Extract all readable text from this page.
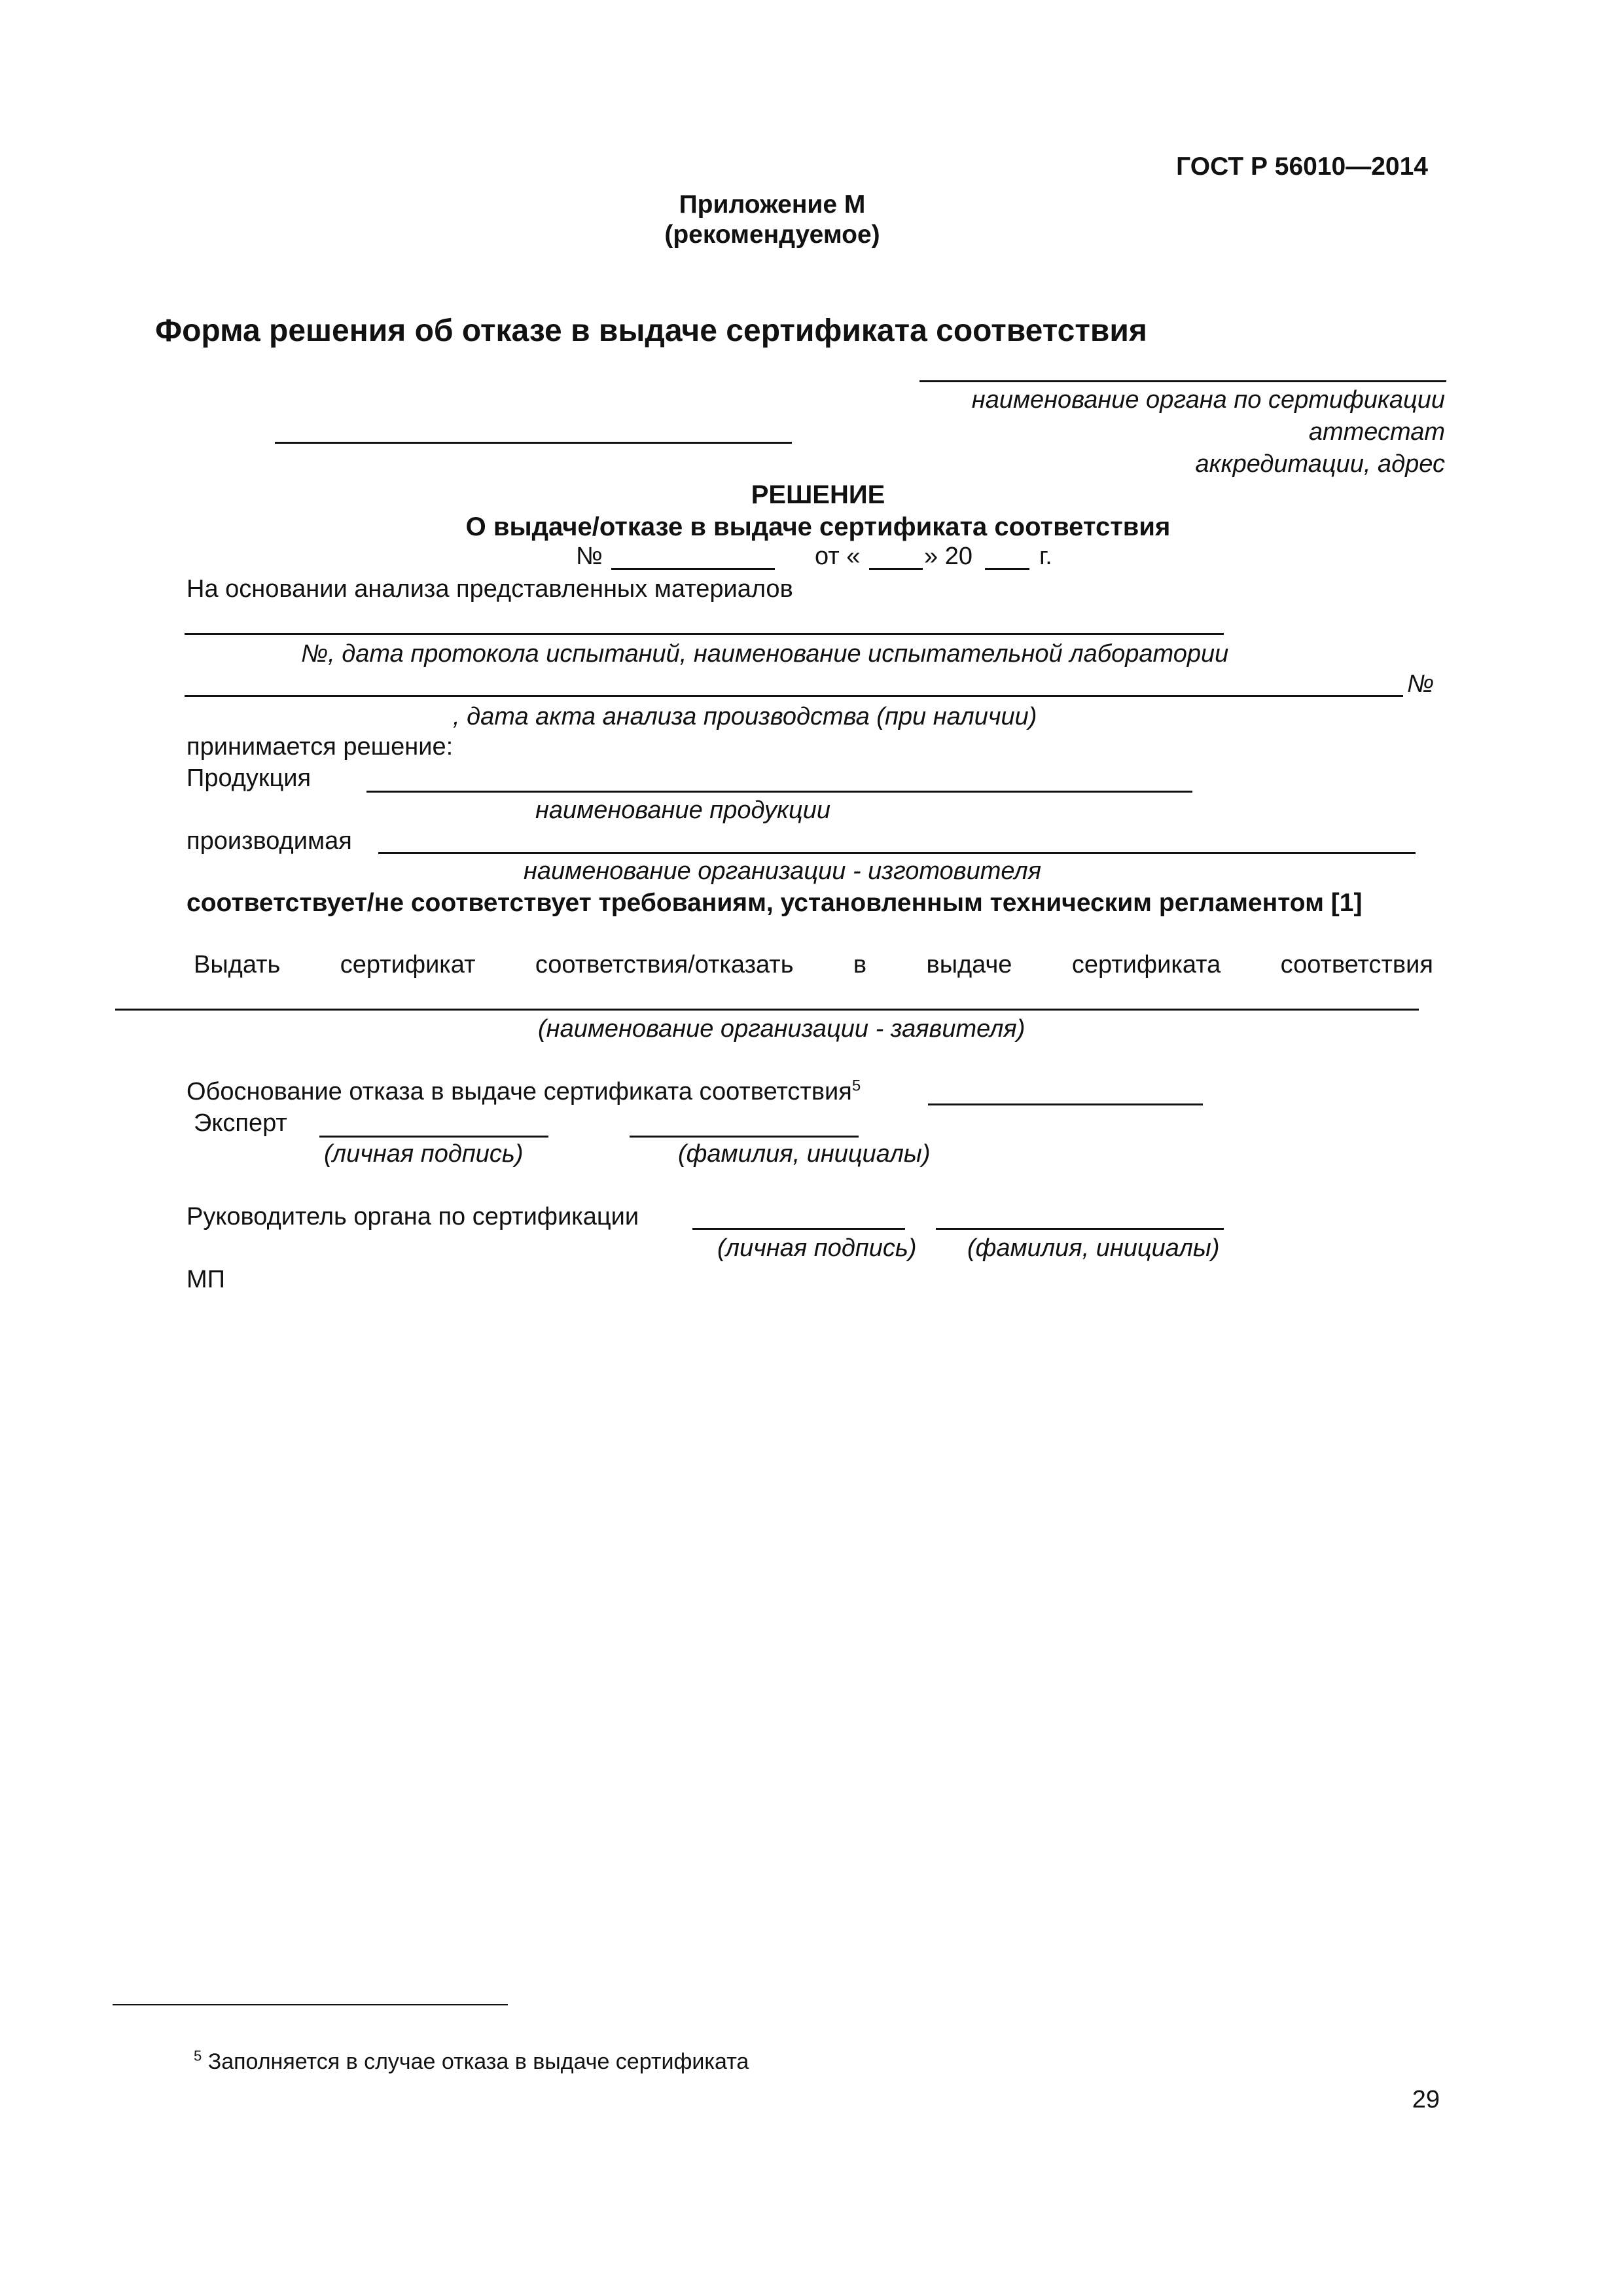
ГОСТ Р 56010—2014
Приложение М
(рекомендуемое)
Форма решения об отказе в выдаче сертификата соответствия
наименование органа по сертификации
аттестат
аккредитации, адрес
РЕШЕНИЕ
О выдаче/отказе в выдаче сертификата соответствия
№	от «	» 20	г.
На основании анализа представленных материалов
№, дата протокола испытаний, наименование испытательной лаборатории
№
, дата акта анализа производства (при наличии)
принимается решение:
Продукция
наименование продукции
производимая
наименование организации - изготовителя
соответствует/не соответствует требованиям, установленным техническим регламентом [1]
Выдать сертификат соответствия/отказать в выдаче сертификата соответствия
(наименование организации - заявителя)
Обоснование отказа в выдаче сертификата соответствия$^5$
Эксперт
(личная подпись)	(фамилия, инициалы)
Руководитель органа по сертификации
(личная подпись) (фамилия, инициалы)
МП
$^5$ Заполняется в случае отказа в выдаче сертификата
29
